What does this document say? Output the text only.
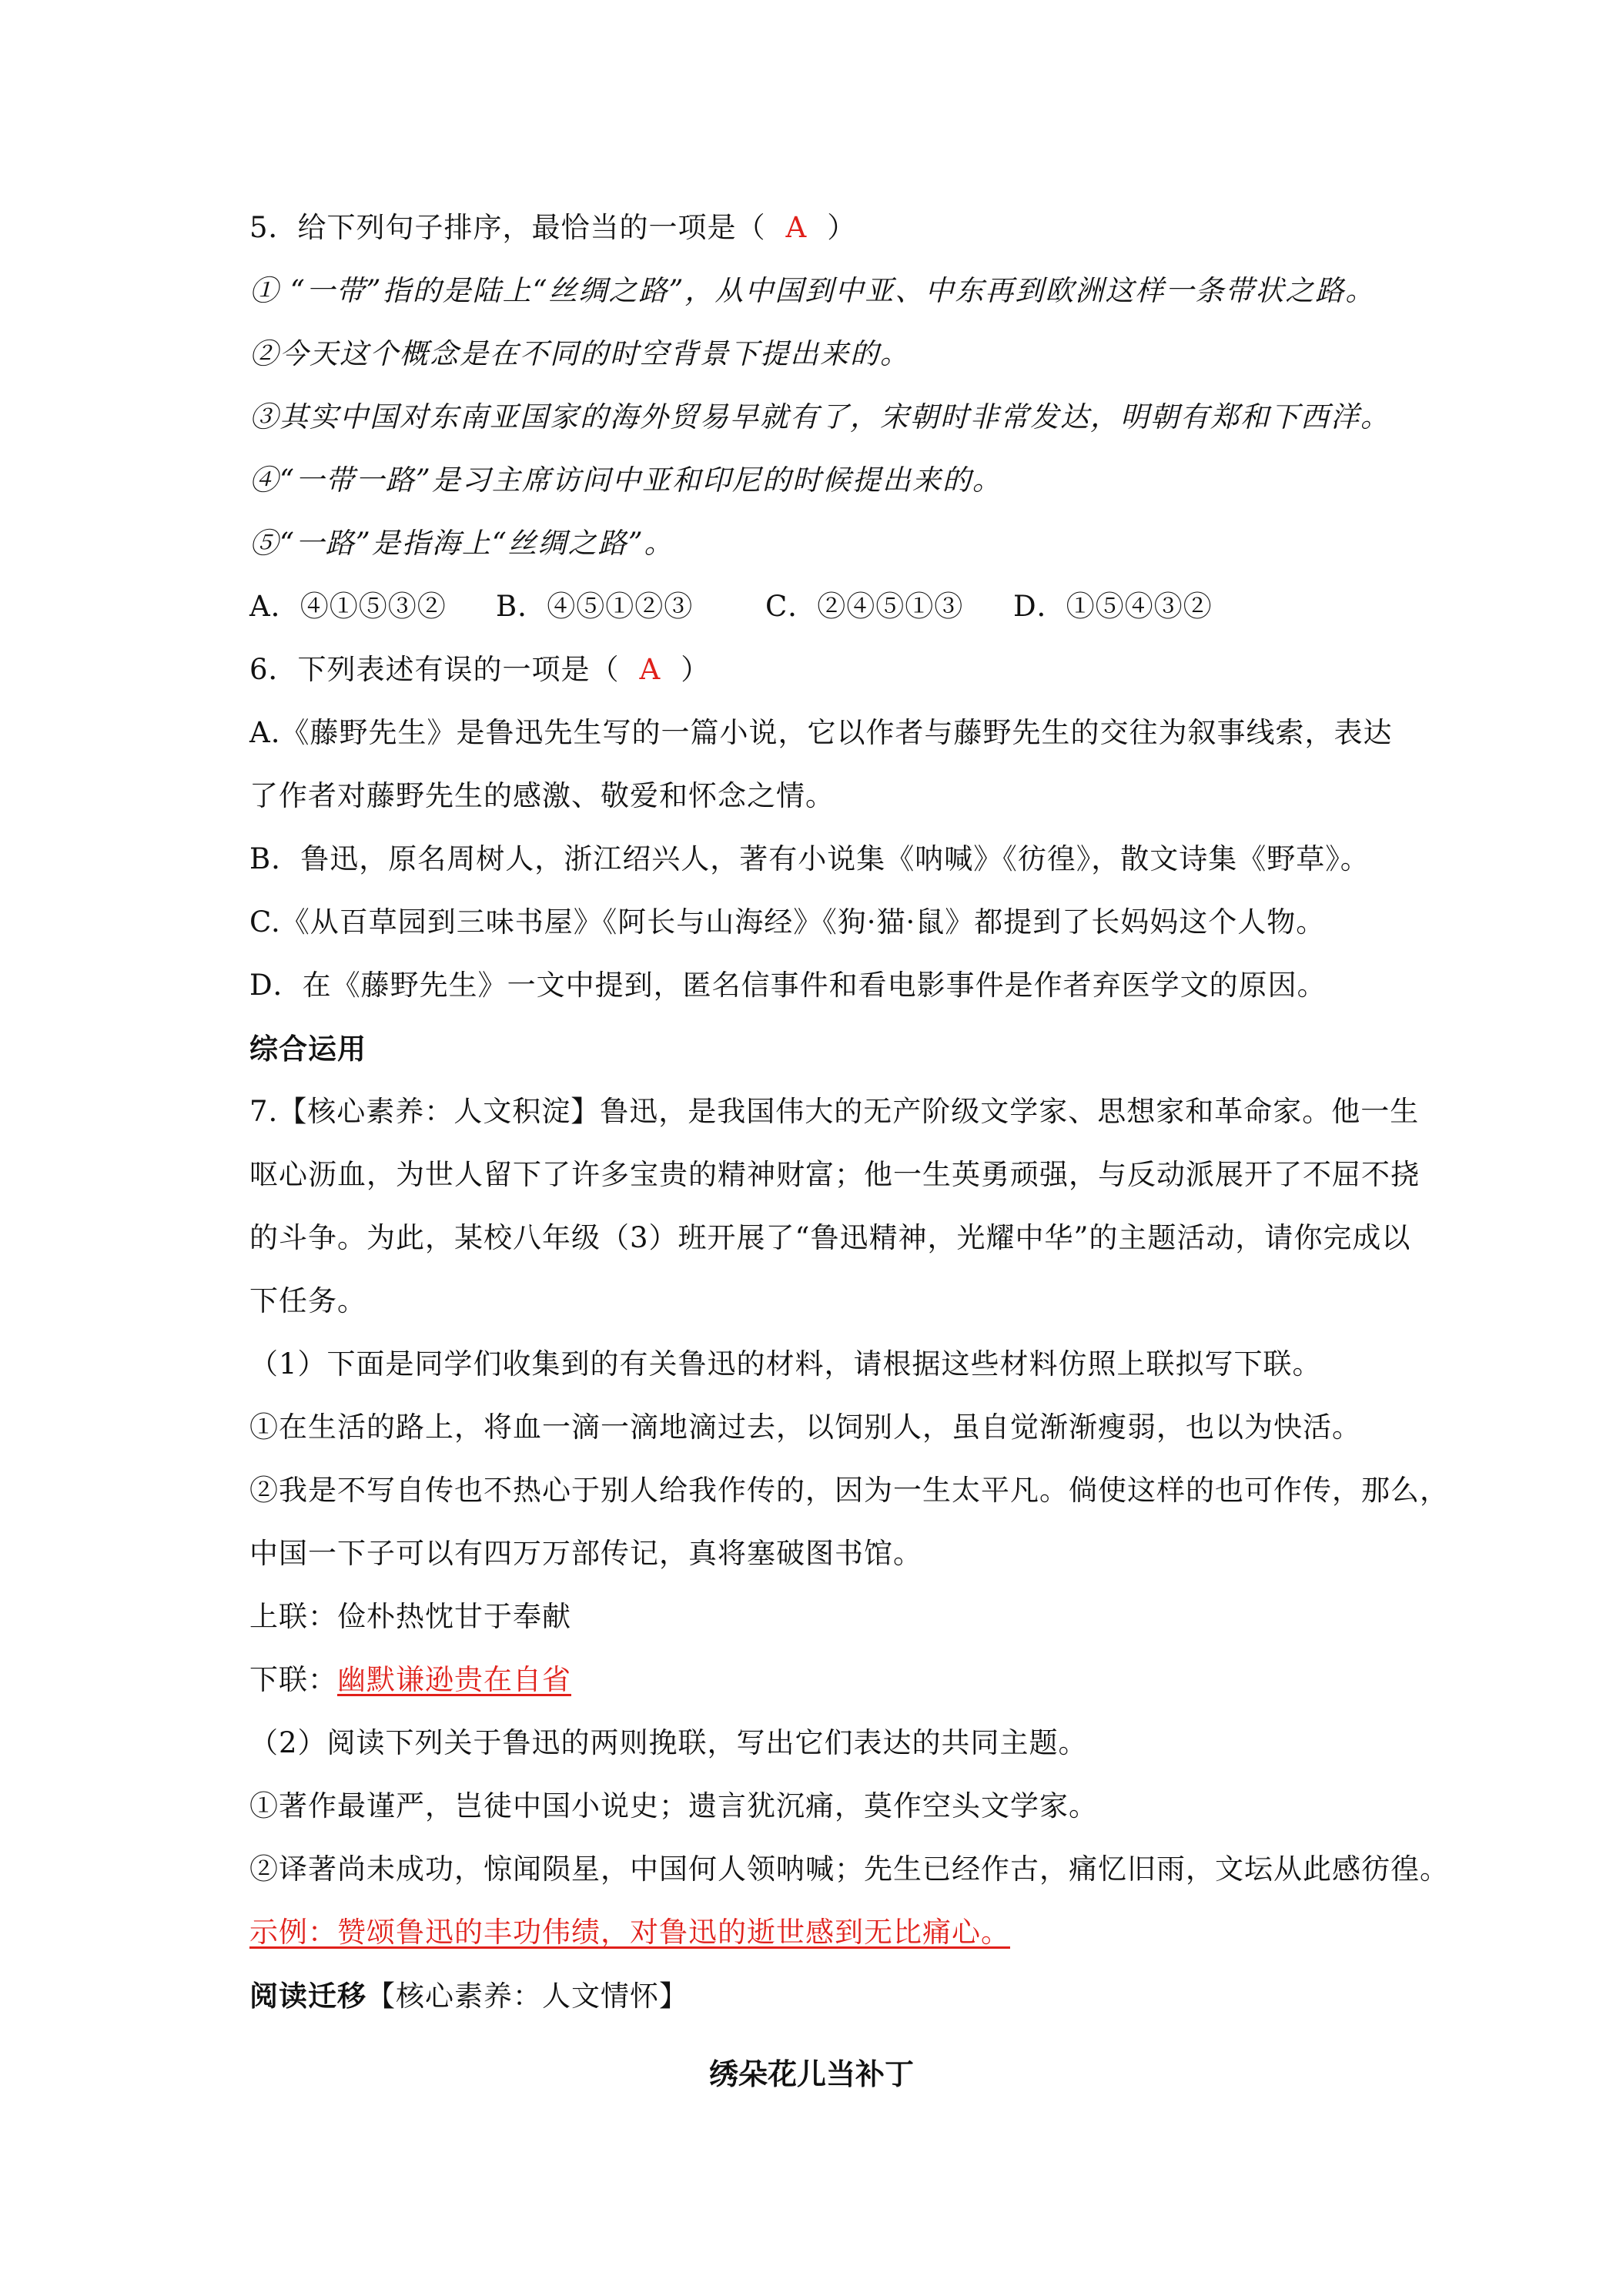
5．给下列句子排序，最恰当的一项是（ A ）
① “一带”指的是陆上“丝绸之路”，从中国到中亚、中东再到欧洲这样一条带状之路。
②今天这个概念是在不同的时空背景下提出来的。
③其实中国对东南亚国家的海外贸易早就有了，宋朝时非常发达，明朝有郑和下西洋。
④“一带一路”是习主席访问中亚和印尼的时候提出来的。
⑤“一路”是指海上“丝绸之路”。
A．④①⑤③② B．④⑤①②③	C．②④⑤①③ D．①⑤④③②
6．下列表述有误的一项是（ A ）
A.《藤野先生》是鲁迅先生写的一篇小说，它以作者与藤野先生的交往为叙事线索，表达
了作者对藤野先生的感激、敬爱和怀念之情。
B．鲁迅，原名周树人，浙江绍兴人，著有小说集《呐喊》《彷徨》，散文诗集《野草》。
C.《从百草园到三味书屋》《阿长与山海经》《狗·猫·鼠》都提到了长妈妈这个人物。
D．在《藤野先生》一文中提到，匿名信事件和看电影事件是作者弃医学文的原因。
综合运用
7.【核心素养：人文积淀】鲁迅，是我国伟大的无产阶级文学家、思想家和革命家。他一生
呕心沥血，为世人留下了许多宝贵的精神财富；他一生英勇顽强，与反动派展开了不屈不挠
的斗争。为此，某校八年级（3）班开展了“鲁迅精神，光耀中华”的主题活动，请你完成以
下任务。
（1）下面是同学们收集到的有关鲁迅的材料，请根据这些材料仿照上联拟写下联。
①在生活的路上，将血一滴一滴地滴过去，以饲别人，虽自觉渐渐瘦弱，也以为快活。
②我是不写自传也不热心于别人给我作传的，因为一生太平凡。倘使这样的也可作传，那么，
中国一下子可以有四万万部传记，真将塞破图书馆。
上联：俭朴热忱甘于奉献
下联：幽默谦逊贵在自省
（2）阅读下列关于鲁迅的两则挽联，写出它们表达的共同主题。
①著作最谨严，岂徒中国小说史；遗言犹沉痛，莫作空头文学家。
②译著尚未成功，惊闻陨星，中国何人领呐喊；先生已经作古，痛忆旧雨，文坛从此感彷徨。
示例：赞颂鲁迅的丰功伟绩，对鲁迅的逝世感到无比痛心。
阅读迁移【核心素养：人文情怀】
绣朵花儿当补丁
